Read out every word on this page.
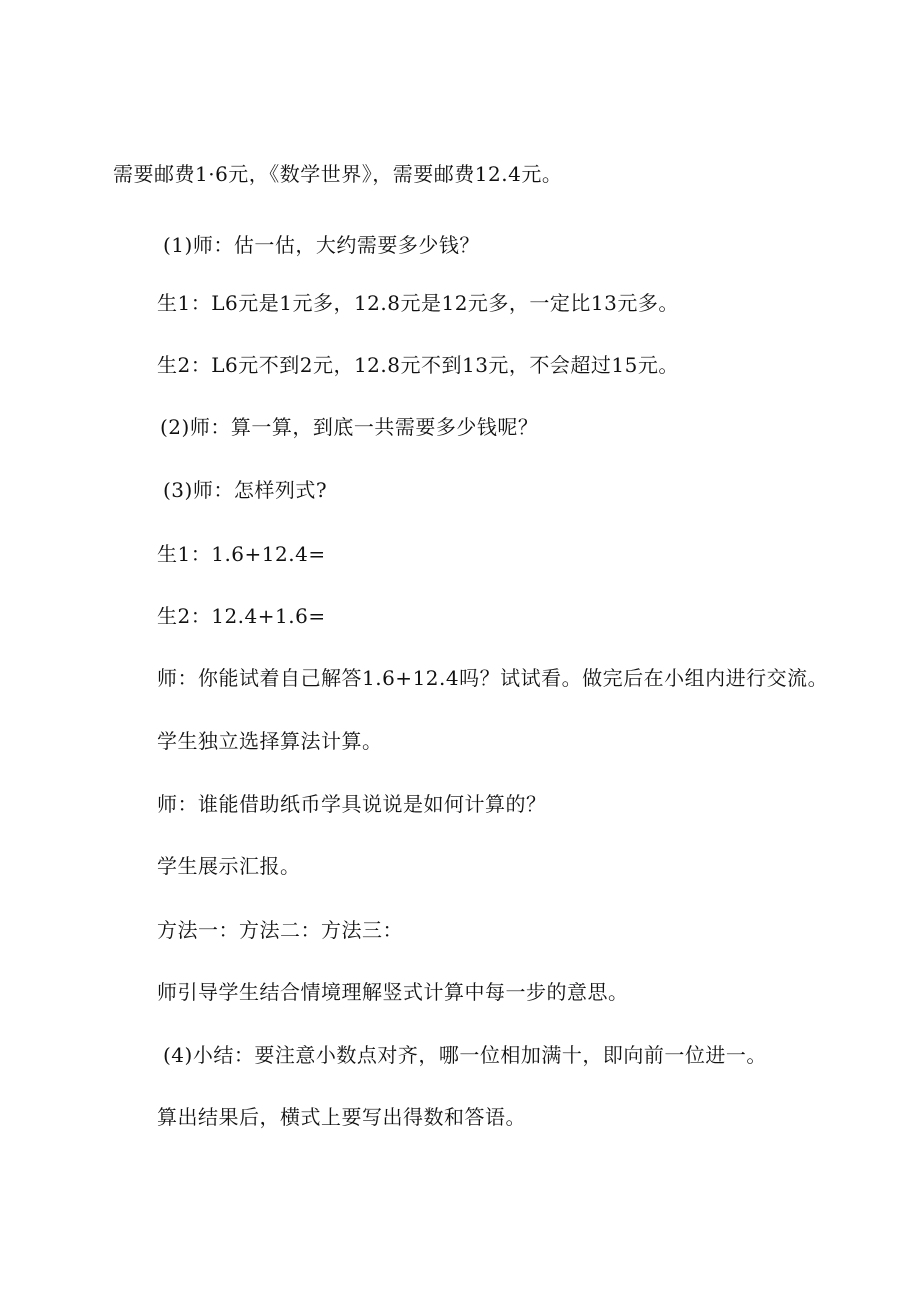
需要邮费1·6元，《数学世界》，需要邮费12.4元。
(1)师：估一估，大约需要多少钱？
生1：L6元是1元多，12.8元是12元多，一定比13元多。
生2：L6元不到2元，12.8元不到13元，不会超过15元。
(2)师：算一算，到底一共需要多少钱呢？
(3)师：怎样列式?
生1：1.6+12.4=
生2：12.4+1.6=
师：你能试着自己解答1.6+12.4吗？试试看。做完后在小组内进行交流。
学生独立选择算法计算。
师：谁能借助纸币学具说说是如何计算的？
学生展示汇报。
方法一：方法二：方法三：
师引导学生结合情境理解竖式计算中每一步的意思。
(4)小结：要注意小数点对齐，哪一位相加满十，即向前一位进一。
算出结果后，横式上要写出得数和答语。
